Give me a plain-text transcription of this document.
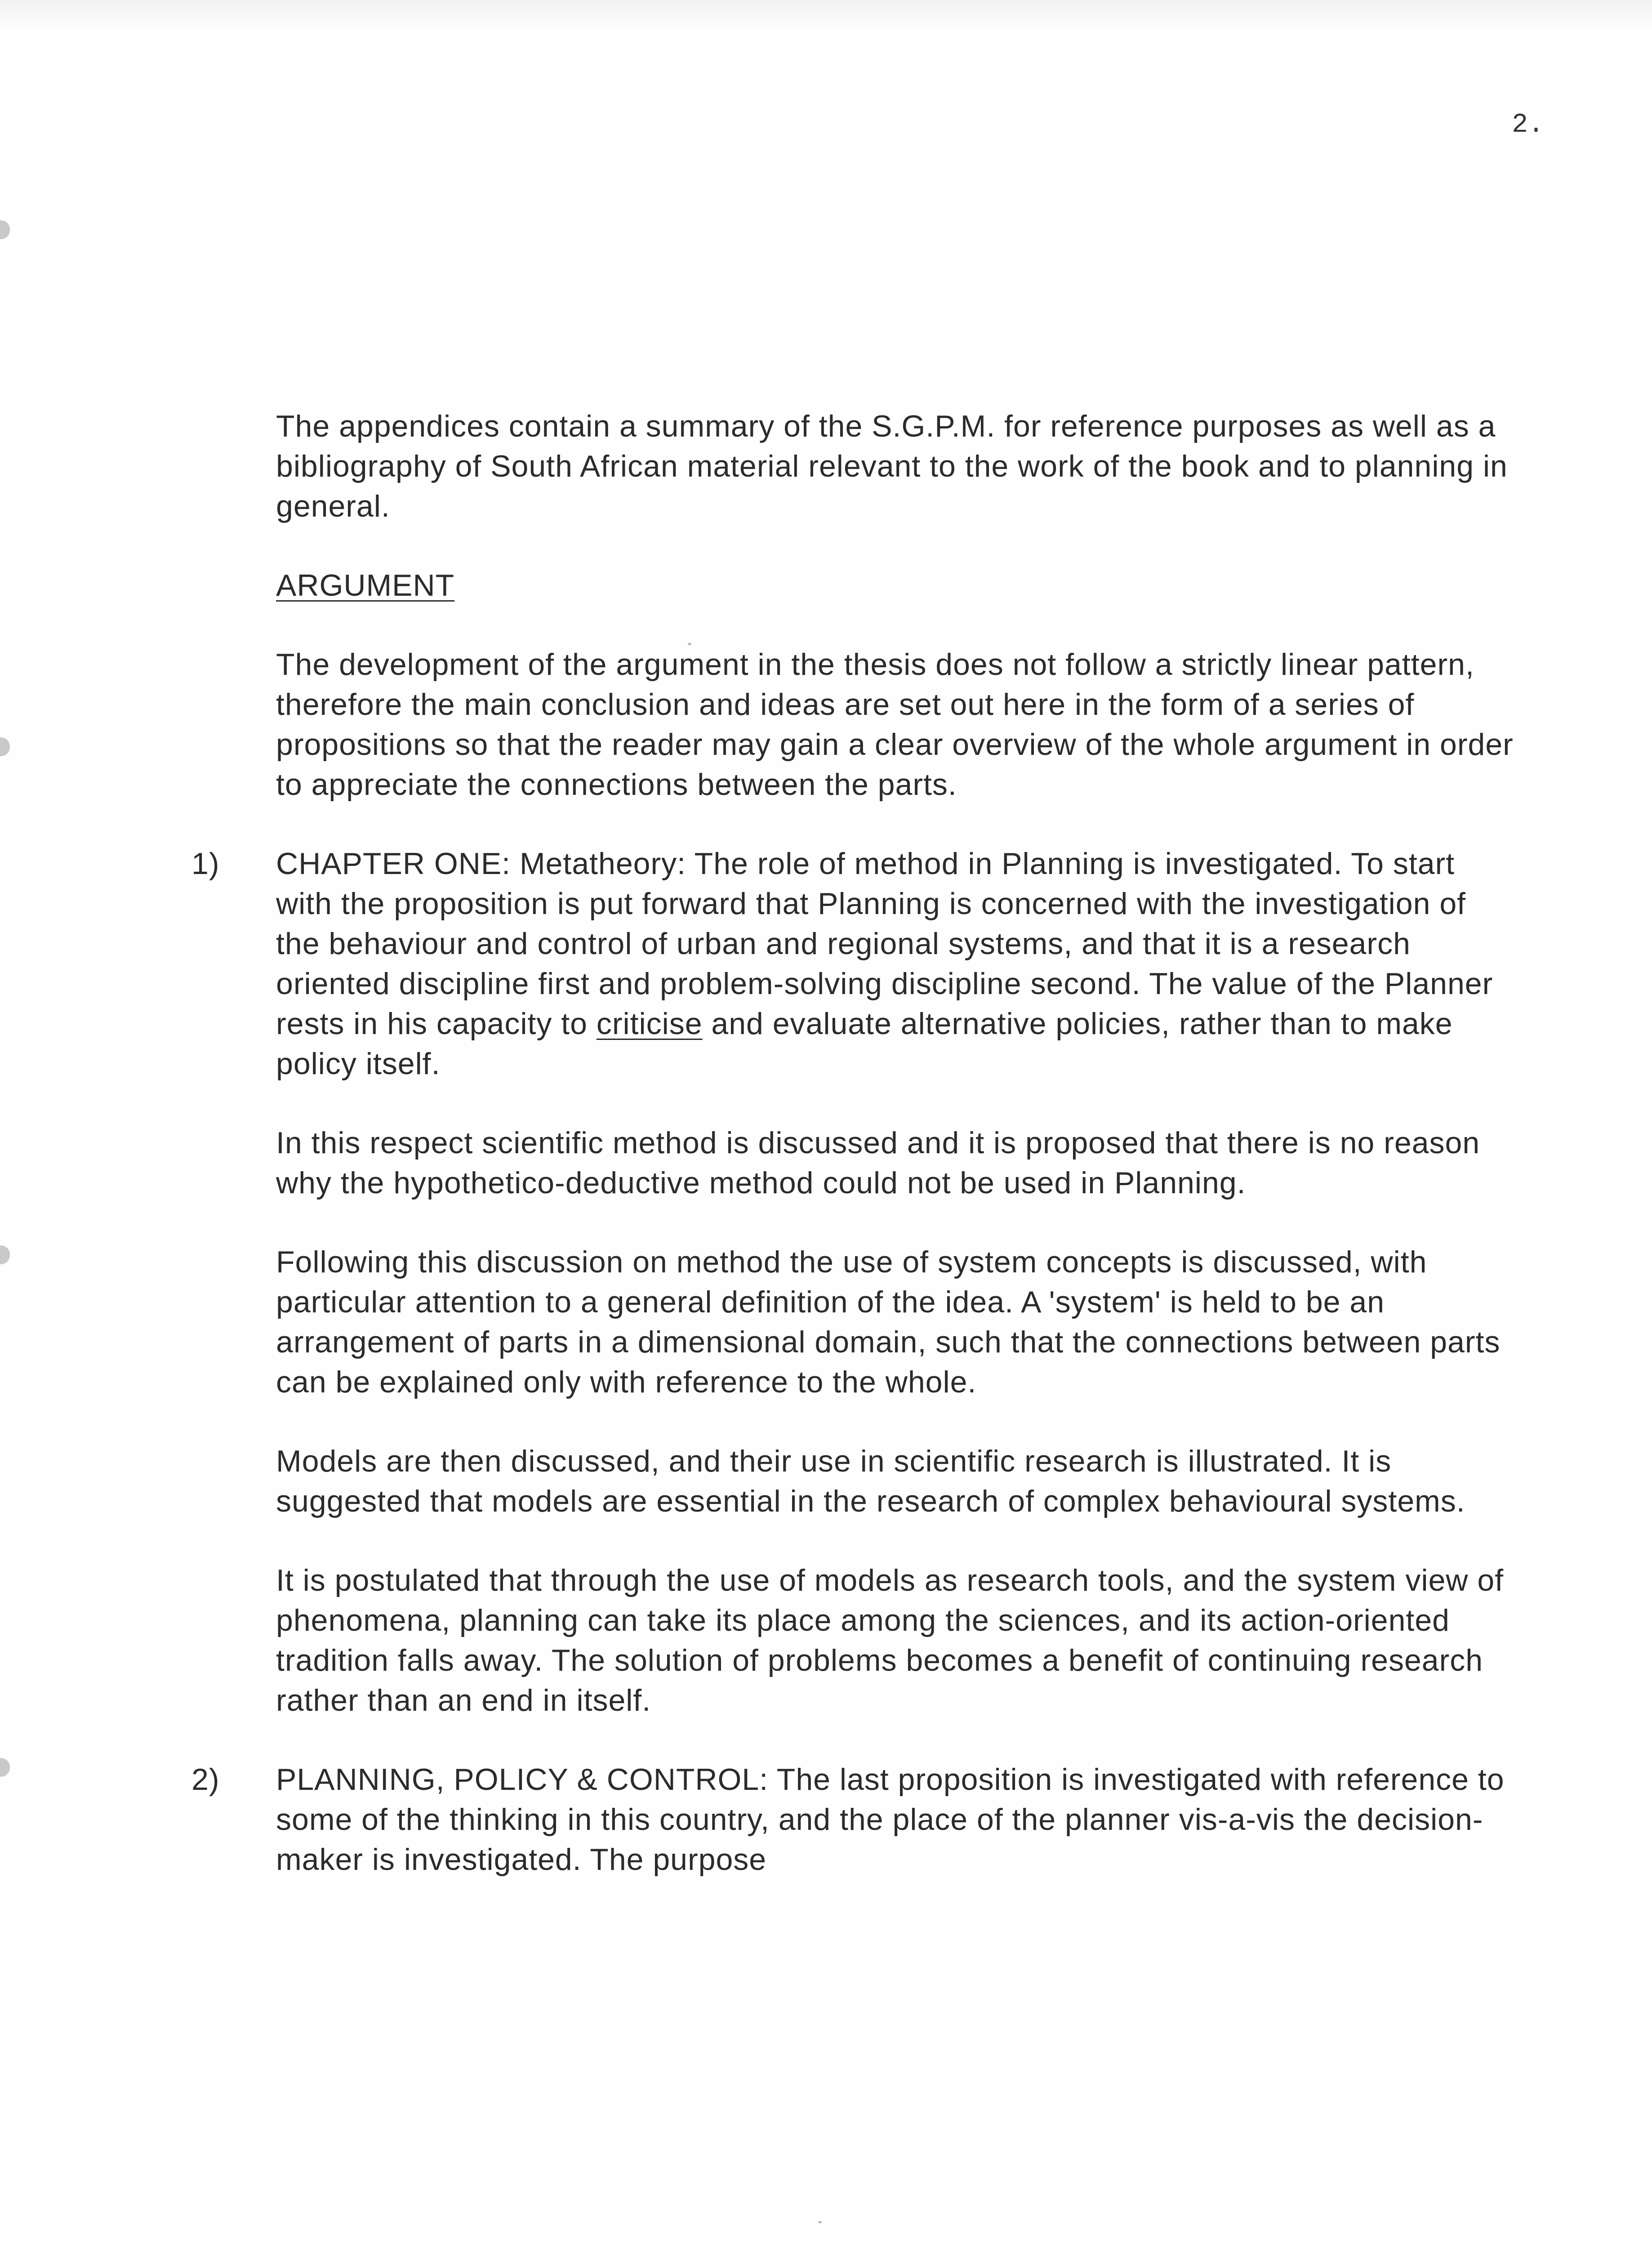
2.

The appendices contain a summary of the S.G.P.M. for reference purposes as well as a bibliography of South African material relevant to the work of the book and to planning in general.

ARGUMENT

The development of the argument in the thesis does not follow a strictly linear pattern, therefore the main conclusion and ideas are set out here in the form of a series of propositions so that the reader may gain a clear overview of the whole argument in order to appreciate the connections between the parts.

1) CHAPTER ONE: Metatheory: The role of method in Planning is investigated. To start with the proposition is put forward that Planning is concerned with the investigation of the behaviour and control of urban and regional systems, and that it is a research oriented discipline first and problem-solving discipline second. The value of the Planner rests in his capacity to criticise and evaluate alternative policies, rather than to make policy itself.

In this respect scientific method is discussed and it is proposed that there is no reason why the hypothetico-deductive method could not be used in Planning.

Following this discussion on method the use of system concepts is discussed, with particular attention to a general definition of the idea. A 'system' is held to be an arrangement of parts in a dimensional domain, such that the connections between parts can be explained only with reference to the whole.

Models are then discussed, and their use in scientific research is illustrated. It is suggested that models are essential in the research of complex behavioural systems.

It is postulated that through the use of models as research tools, and the system view of phenomena, planning can take its place among the sciences, and its action-oriented tradition falls away. The solution of problems becomes a benefit of continuing research rather than an end in itself.

2) PLANNING, POLICY & CONTROL: The last proposition is investigated with reference to some of the thinking in this country, and the place of the planner vis-a-vis the decision-maker is investigated. The purpose
